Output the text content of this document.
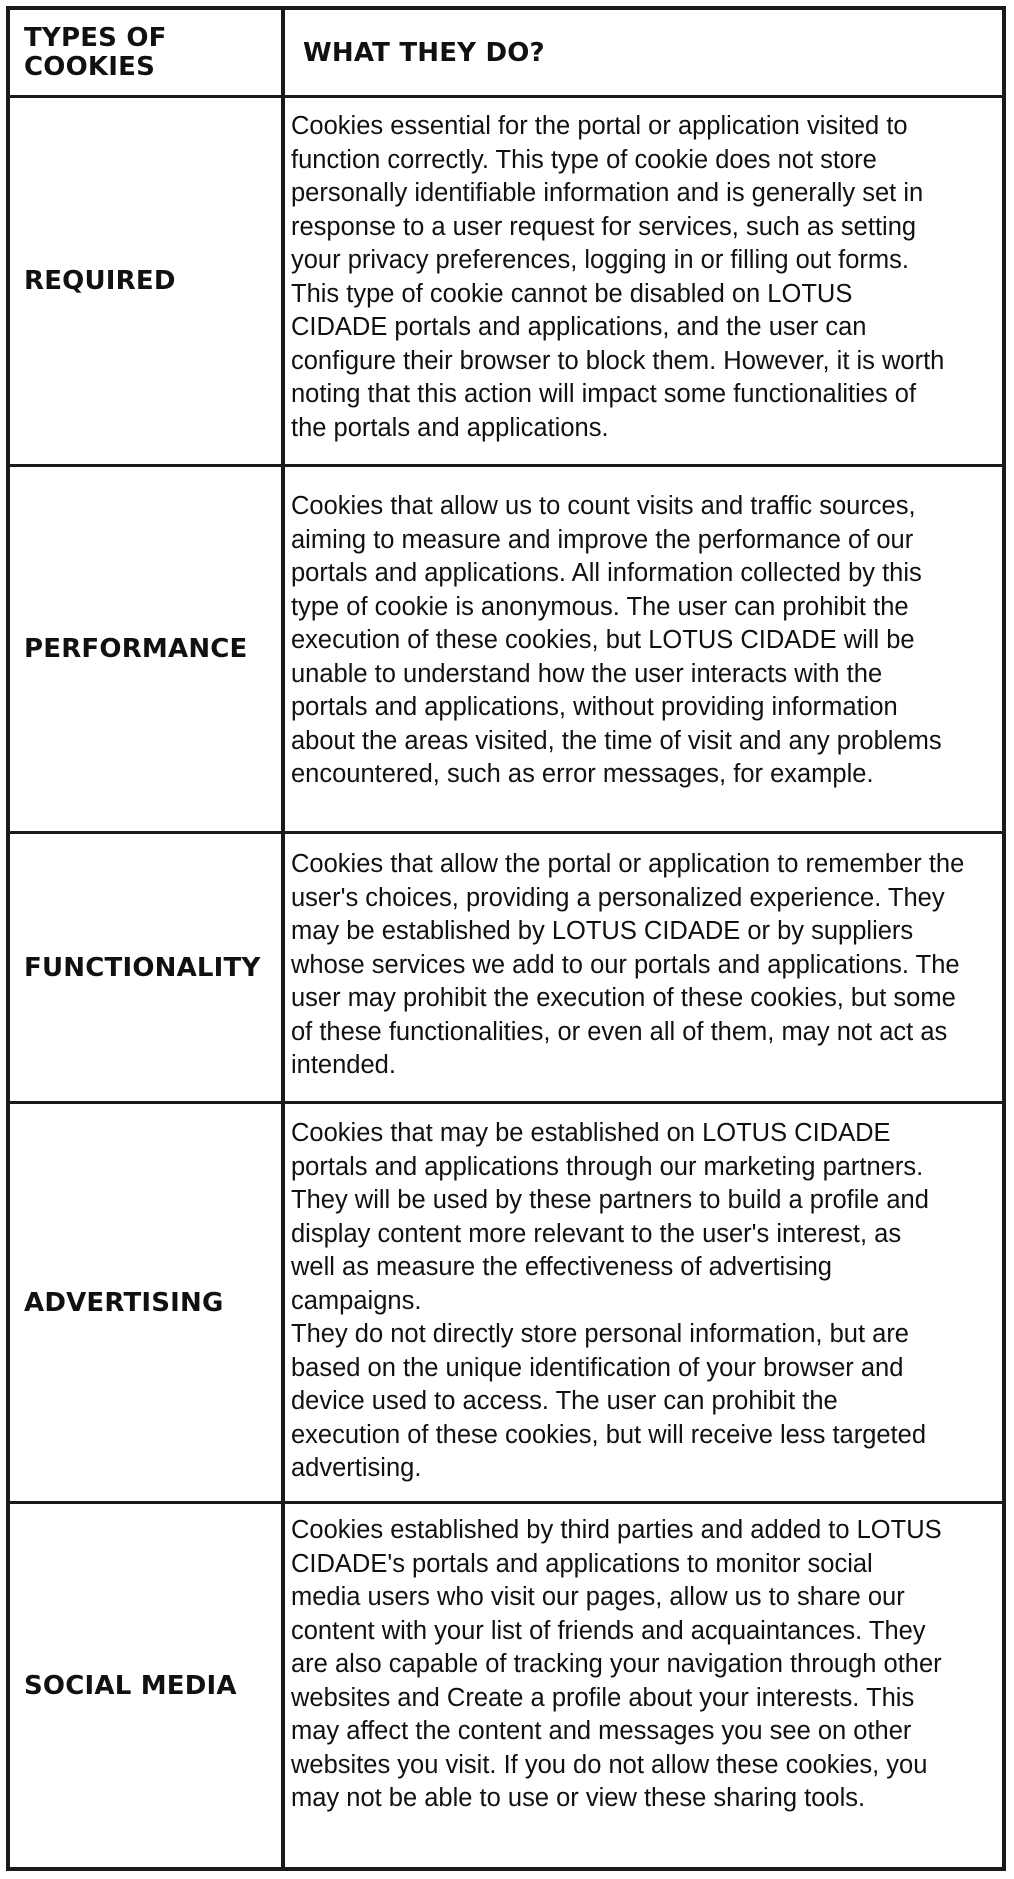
TYPES OF
COOKIES	WHAT THEY DO?
REQUIRED
Cookies essential for the portal or application visited to
function correctly. This type of cookie does not store
personally identifiable information and is generally set in
response to a user request for services, such as setting
your privacy preferences, logging in or filling out forms.
This type of cookie cannot be disabled on LOTUS
CIDADE portals and applications, and the user can
configure their browser to block them. However, it is worth
noting that this action will impact some functionalities of
the portals and applications.
PERFORMANCE
Cookies that allow us to count visits and traffic sources,
aiming to measure and improve the performance of our
portals and applications. All information collected by this
type of cookie is anonymous. The user can prohibit the
execution of these cookies, but LOTUS CIDADE will be
unable to understand how the user interacts with the
portals and applications, without providing information
about the areas visited, the time of visit and any problems
encountered, such as error messages, for example.
FUNCTIONALITY
Cookies that allow the portal or application to remember the
user's choices, providing a personalized experience. They
may be established by LOTUS CIDADE or by suppliers
whose services we add to our portals and applications. The
user may prohibit the execution of these cookies, but some
of these functionalities, or even all of them, may not act as
intended.
ADVERTISING
Cookies that may be established on LOTUS CIDADE
portals and applications through our marketing partners.
They will be used by these partners to build a profile and
display content more relevant to the user's interest, as
well as measure the effectiveness of advertising
campaigns.
They do not directly store personal information, but are
based on the unique identification of your browser and
device used to access. The user can prohibit the
execution of these cookies, but will receive less targeted
advertising.
SOCIAL MEDIA
Cookies established by third parties and added to LOTUS
CIDADE's portals and applications to monitor social
media users who visit our pages, allow us to share our
content with your list of friends and acquaintances. They
are also capable of tracking your navigation through other
websites and Create a profile about your interests. This
may affect the content and messages you see on other
websites you visit. If you do not allow these cookies, you
may not be able to use or view these sharing tools.
